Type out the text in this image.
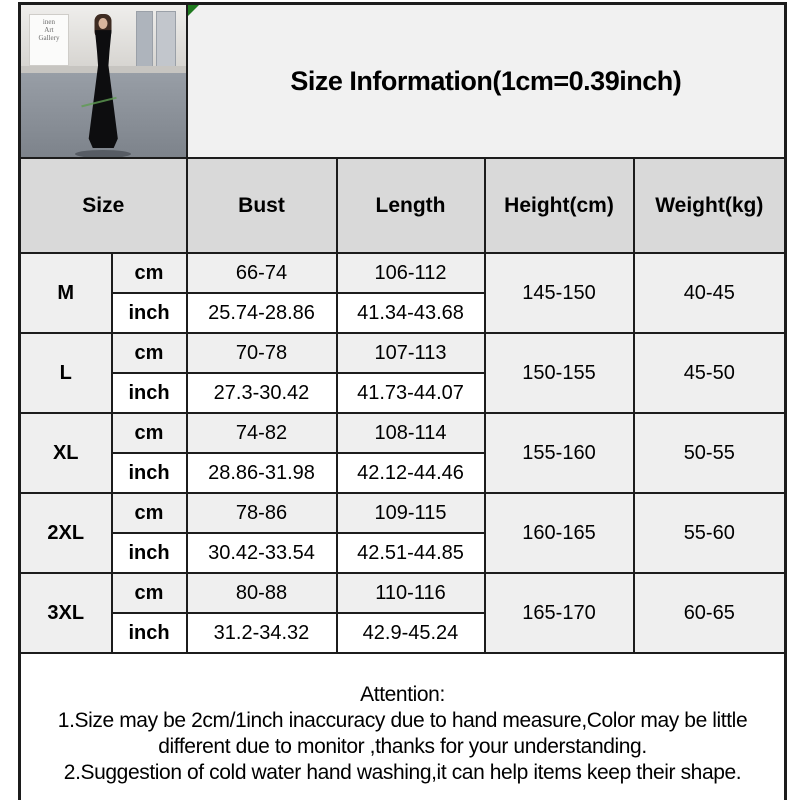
inen
Art
Gallery		Size Information(1cm=0.39inch)			
Size		Bust	Length	Height(cm)	Weight(kg)
M	cm	66-74	106-112	145-150	40-45
	inch	25.74-28.86	41.34-43.68		
L	cm	70-78	107-113	150-155	45-50
	inch	27.3-30.42	41.73-44.07		
XL	cm	74-82	108-114	155-160	50-55
	inch	28.86-31.98	42.12-44.46		
2XL	cm	78-86	109-115	160-165	55-60
	inch	30.42-33.54	42.51-44.85		
3XL	cm	80-88	110-116	165-170	60-65
	inch	31.2-34.32	42.9-45.24		

Attention:

1.Size may be 2cm/1inch inaccuracy due to hand measure,Color may be little different due to monitor ,thanks for your understanding.

2.Suggestion of cold water hand washing,it can help items keep their shape.					
